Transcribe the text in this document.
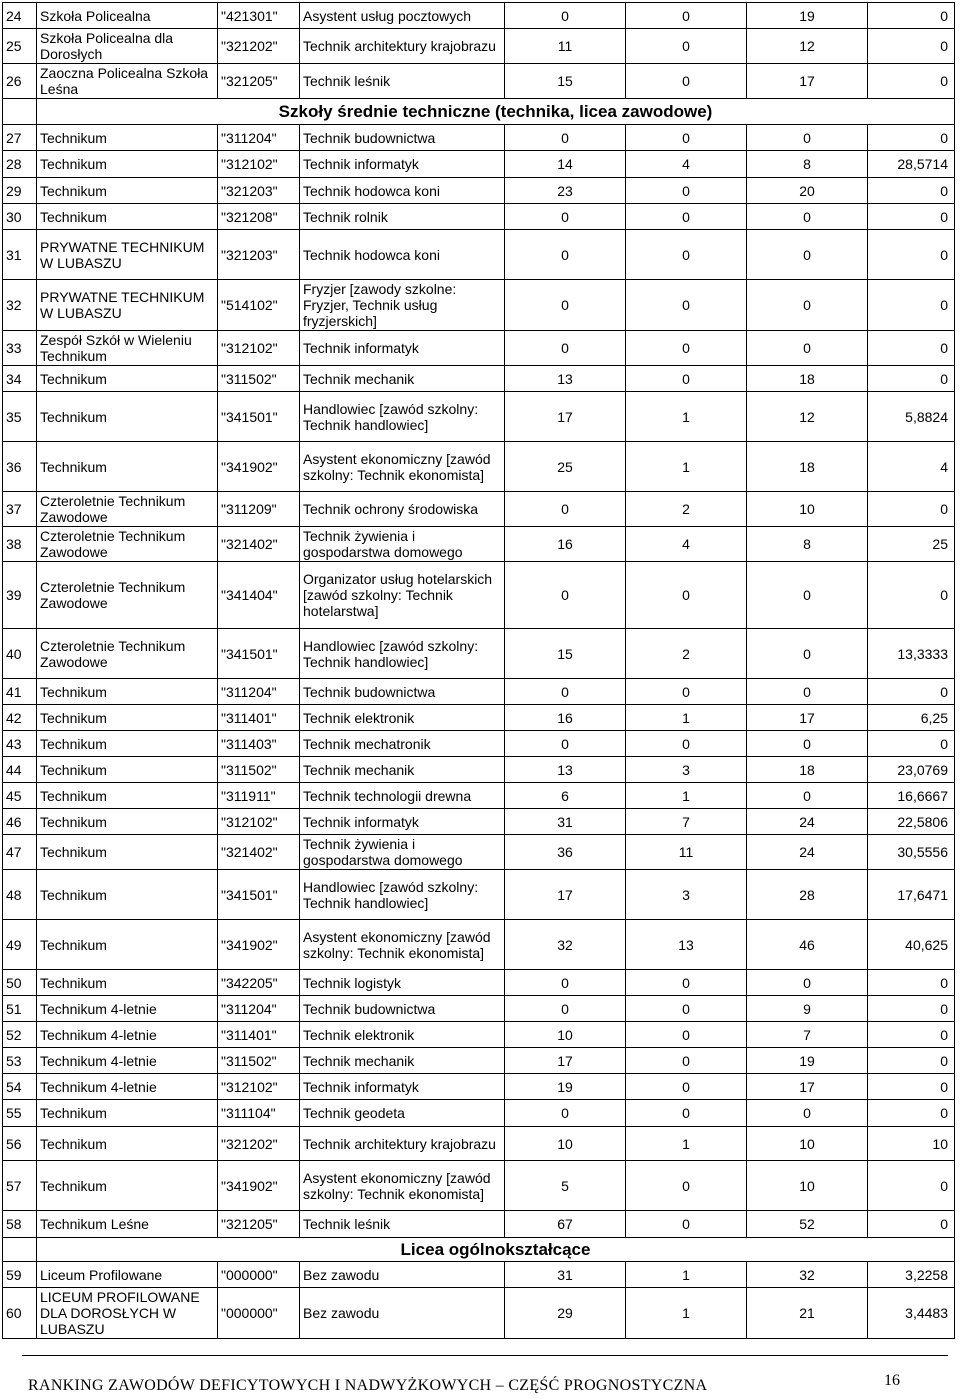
24	Szkoła Policealna	"421301"	Asystent usług pocztowych	0	0	19	0
25	Szkoła Policealna dla Dorosłych	"321202"	Technik architektury krajobrazu	11	0	12	0
26	Zaoczna Policealna Szkoła Leśna	"321205"	Technik leśnik	15	0	17	0
	Szkoły średnie techniczne (technika, licea zawodowe)						
27	Technikum	"311204"	Technik budownictwa	0	0	0	0
28	Technikum	"312102"	Technik informatyk	14	4	8	28,5714
29	Technikum	"321203"	Technik hodowca koni	23	0	20	0
30	Technikum	"321208"	Technik rolnik	0	0	0	0
31	PRYWATNE TECHNIKUM W LUBASZU	"321203"	Technik hodowca koni	0	0	0	0
32	PRYWATNE TECHNIKUM W LUBASZU	"514102"	Fryzjer [zawody szkolne: Fryzjer, Technik usług fryzjerskich]	0	0	0	0
33	Zespół Szkół w Wieleniu Technikum	"312102"	Technik informatyk	0	0	0	0
34	Technikum	"311502"	Technik mechanik	13	0	18	0
35	Technikum	"341501"	Handlowiec [zawód szkolny: Technik handlowiec]	17	1	12	5,8824
36	Technikum	"341902"	Asystent ekonomiczny [zawód szkolny: Technik ekonomista]	25	1	18	4
37	Czteroletnie Technikum Zawodowe	"311209"	Technik ochrony środowiska	0	2	10	0
38	Czteroletnie Technikum Zawodowe	"321402"	Technik żywienia i gospodarstwa domowego	16	4	8	25
39	Czteroletnie Technikum Zawodowe	"341404"	Organizator usług hotelarskich [zawód szkolny: Technik hotelarstwa]	0	0	0	0
40	Czteroletnie Technikum Zawodowe	"341501"	Handlowiec [zawód szkolny: Technik handlowiec]	15	2	0	13,3333
41	Technikum	"311204"	Technik budownictwa	0	0	0	0
42	Technikum	"311401"	Technik elektronik	16	1	17	6,25
43	Technikum	"311403"	Technik mechatronik	0	0	0	0
44	Technikum	"311502"	Technik mechanik	13	3	18	23,0769
45	Technikum	"311911"	Technik technologii drewna	6	1	0	16,6667
46	Technikum	"312102"	Technik informatyk	31	7	24	22,5806
47	Technikum	"321402"	Technik żywienia i gospodarstwa domowego	36	11	24	30,5556
48	Technikum	"341501"	Handlowiec [zawód szkolny: Technik handlowiec]	17	3	28	17,6471
49	Technikum	"341902"	Asystent ekonomiczny [zawód szkolny: Technik ekonomista]	32	13	46	40,625
50	Technikum	"342205"	Technik logistyk	0	0	0	0
51	Technikum 4-letnie	"311204"	Technik budownictwa	0	0	9	0
52	Technikum 4-letnie	"311401"	Technik elektronik	10	0	7	0
53	Technikum 4-letnie	"311502"	Technik mechanik	17	0	19	0
54	Technikum 4-letnie	"312102"	Technik informatyk	19	0	17	0
55	Technikum	"311104"	Technik geodeta	0	0	0	0
56	Technikum	"321202"	Technik architektury krajobrazu	10	1	10	10
57	Technikum	"341902"	Asystent ekonomiczny [zawód szkolny: Technik ekonomista]	5	0	10	0
58	Technikum Leśne	"321205"	Technik leśnik	67	0	52	0
	Licea ogólnokształcące						
59	Liceum Profilowane	"000000"	Bez zawodu	31	1	32	3,2258
60	LICEUM PROFILOWANE DLA DOROSŁYCH W LUBASZU	"000000"	Bez zawodu	29	1	21	3,4483
RANKING ZAWODÓW DEFICYTOWYCH I NADWYŻKOWYCH – CZĘŚĆ PROGNOSTYCZNA	16
